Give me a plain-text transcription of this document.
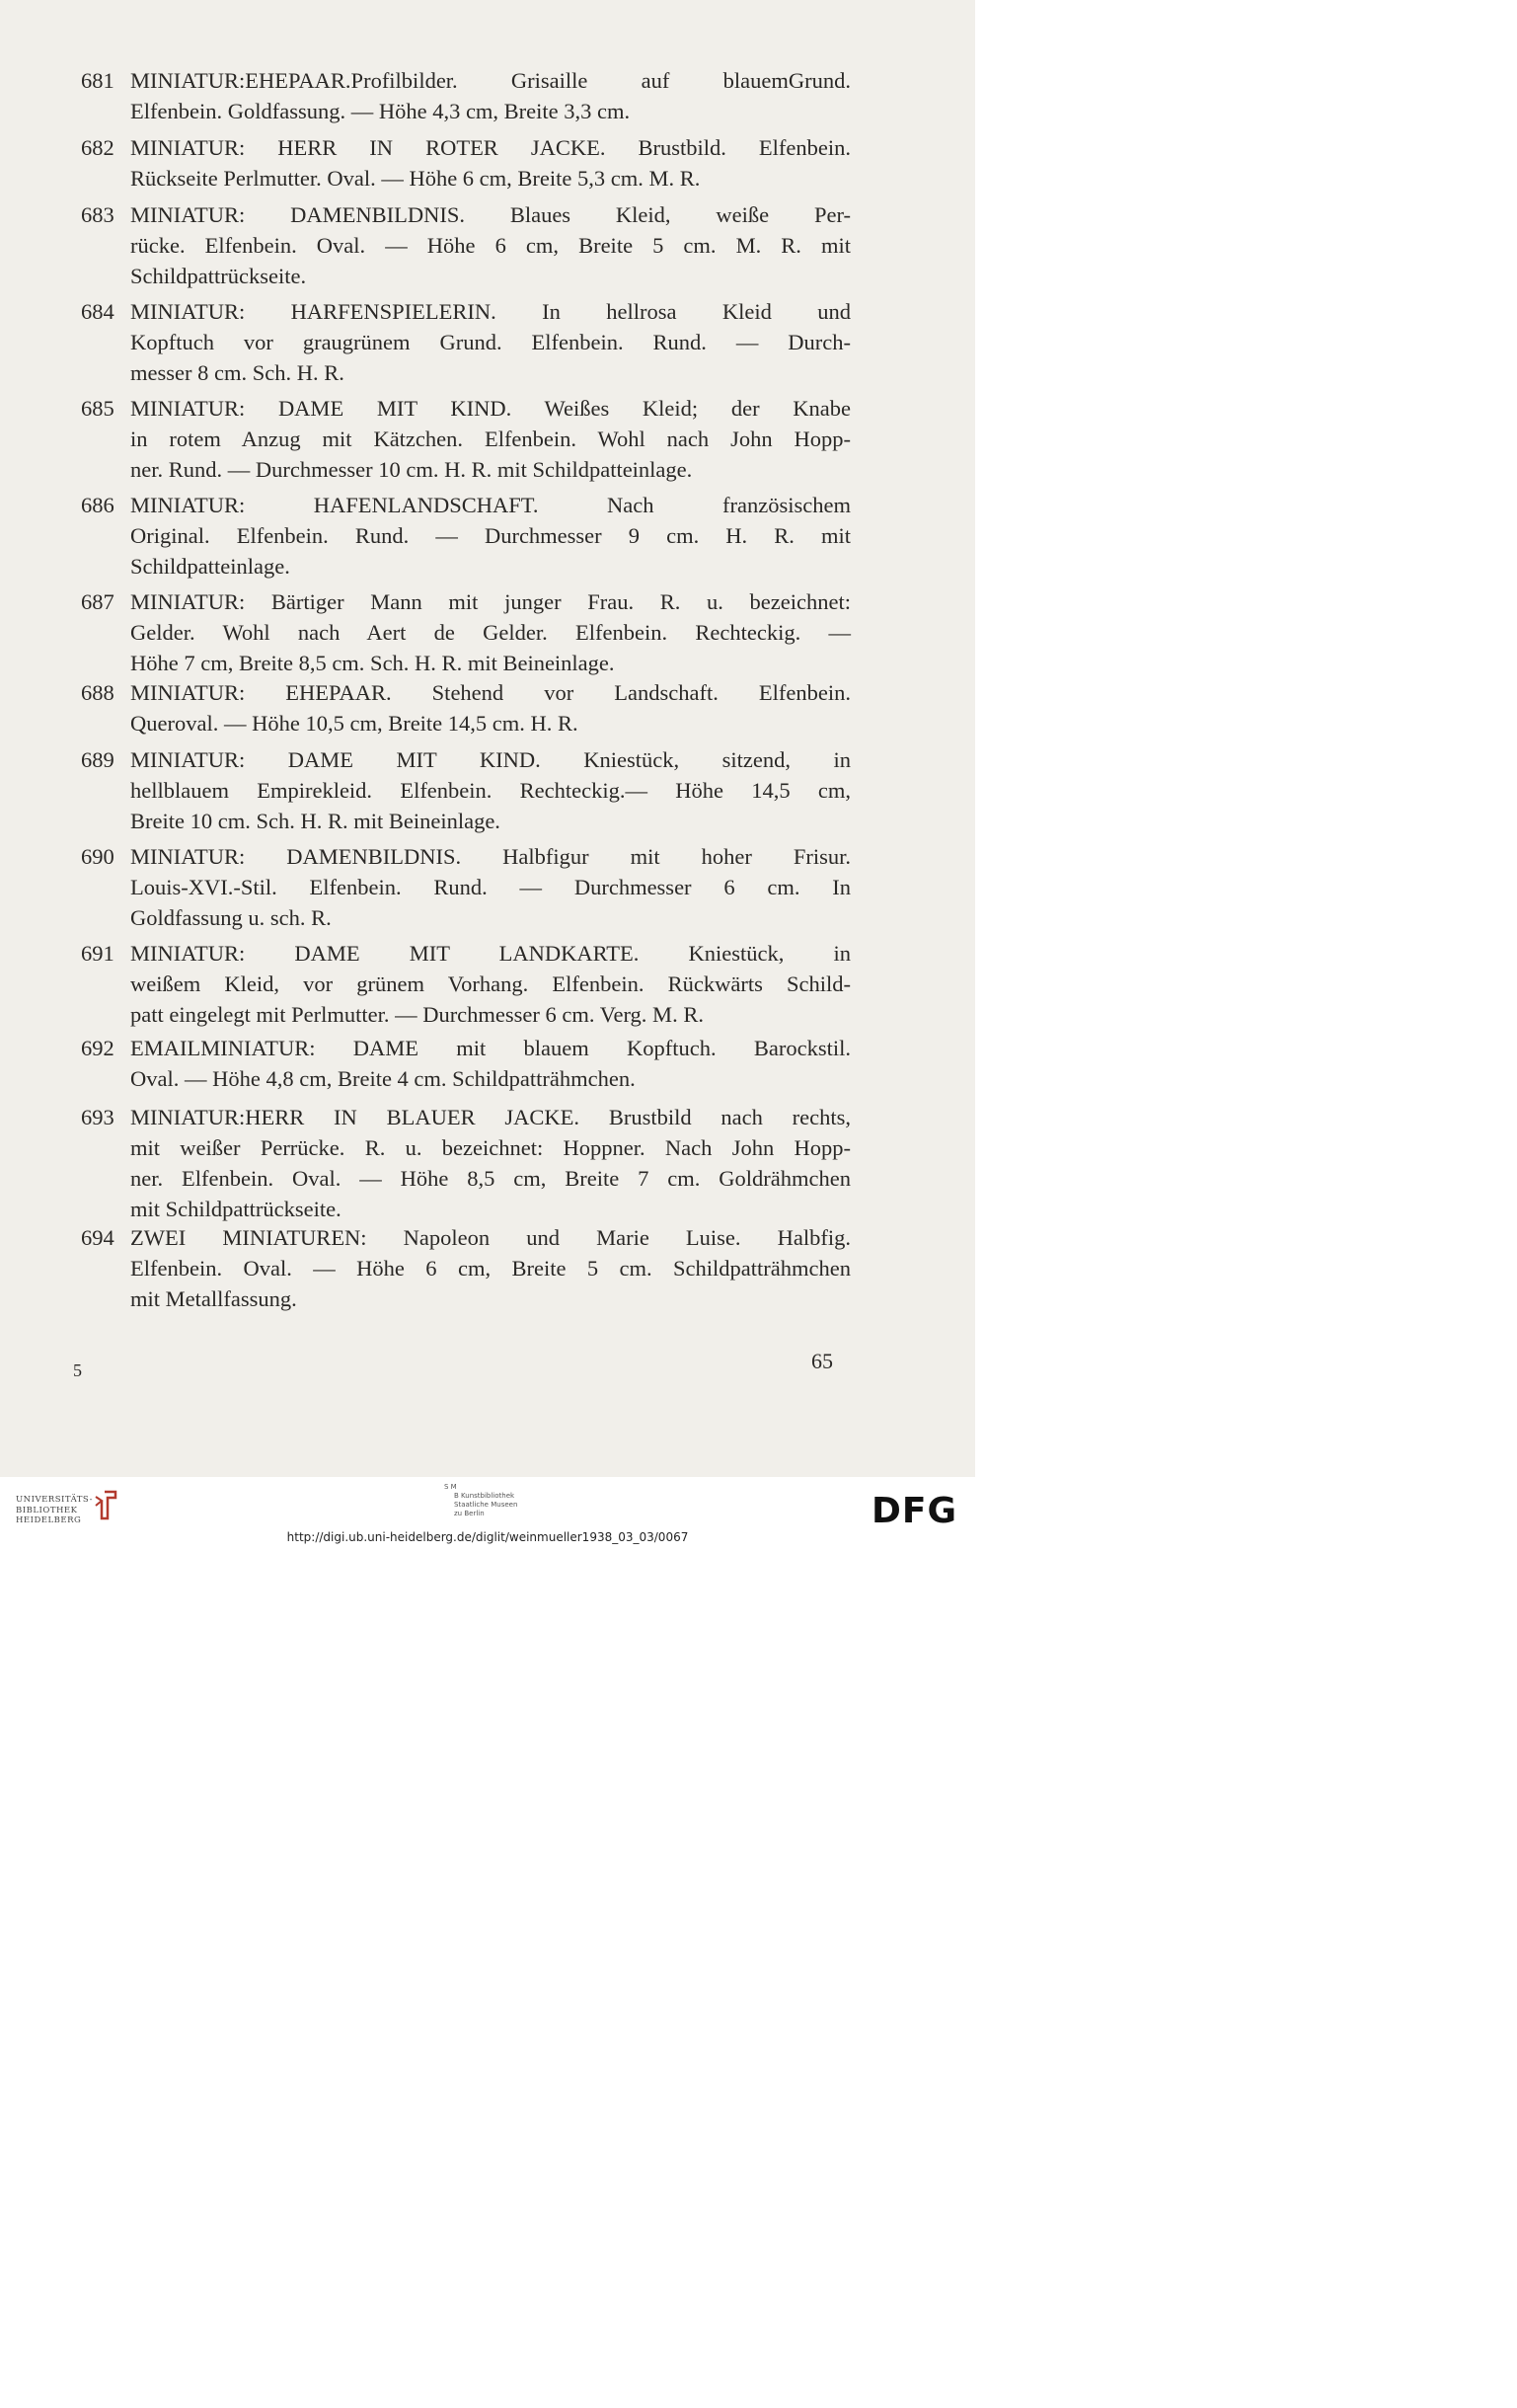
681 MINIATUR:EHEPAAR.Profilbilder. Grisaille auf blauemGrund.
Elfenbein. Goldfassung. — Höhe 4,3 cm, Breite 3,3 cm.
682 MINIATUR: HERR IN ROTER JACKE. Brustbild. Elfenbein.
Rückseite Perlmutter. Oval. — Höhe 6 cm, Breite 5,3 cm. M. R.
683 MINIATUR: DAMENBILDNIS. Blaues Kleid, weiße Per-
rücke. Elfenbein. Oval. — Höhe 6 cm, Breite 5 cm. M. R. mit
Schildpattrückseite.
684 MINIATUR: HARFENSPIELERIN. In hellrosa Kleid und
Kopftuch vor graugrünem Grund. Elfenbein. Rund. — Durch-
messer 8 cm. Sch. H. R.
685 MINIATUR: DAME MIT KIND. Weißes Kleid; der Knabe
in rotem Anzug mit Kätzchen. Elfenbein. Wohl nach John Hopp-
ner. Rund. — Durchmesser 10 cm. H. R. mit Schildpatteinlage.
686 MINIATUR: HAFENLANDSCHAFT. Nach französischem
Original. Elfenbein. Rund. — Durchmesser 9 cm. H. R. mit
Schildpatteinlage.
687 MINIATUR: Bärtiger Mann mit junger Frau. R. u. bezeichnet:
Gelder. Wohl nach Aert de Gelder. Elfenbein. Rechteckig. —
Höhe 7 cm, Breite 8,5 cm. Sch. H. R. mit Beineinlage.
688 MINIATUR: EHEPAAR. Stehend vor Landschaft. Elfenbein.
Queroval. — Höhe 10,5 cm, Breite 14,5 cm. H. R.
689 MINIATUR: DAME MIT KIND. Kniestück, sitzend, in
hellblauem Empirekleid. Elfenbein. Rechteckig.— Höhe 14,5 cm,
Breite 10 cm. Sch. H. R. mit Beineinlage.
690 MINIATUR: DAMENBILDNIS. Halbfigur mit hoher Frisur.
Louis-XVI.-Stil. Elfenbein. Rund. — Durchmesser 6 cm. In
Goldfassung u. sch. R.
691 MINIATUR: DAME MIT LANDKARTE. Kniestück, in
weißem Kleid, vor grünem Vorhang. Elfenbein. Rückwärts Schild-
patt eingelegt mit Perlmutter. — Durchmesser 6 cm. Verg. M. R.
692 EMAILMINIATUR: DAME mit blauem Kopftuch. Barockstil.
Oval. — Höhe 4,8 cm, Breite 4 cm. Schildpatträhmchen.
693 MINIATUR:HERR IN BLAUER JACKE. Brustbild nach rechts,
mit weißer Perrücke. R. u. bezeichnet: Hoppner. Nach John Hopp-
ner. Elfenbein. Oval. — Höhe 8,5 cm, Breite 7 cm. Goldrähmchen
mit Schildpattrückseite.
694 ZWEI MINIATUREN: Napoleon und Marie Luise. Halbfig.
Elfenbein. Oval. — Höhe 6 cm, Breite 5 cm. Schildpatträhmchen
mit Metallfassung.
5	65
UNIVERSITÄTS-
BIBLIOTHEK
HEIDELBERG
S M
B Kunstbibliothek
Staatliche Museen
zu Berlin	DFG
http://digi.ub.uni-heidelberg.de/diglit/weinmueller1938_03_03/0067
